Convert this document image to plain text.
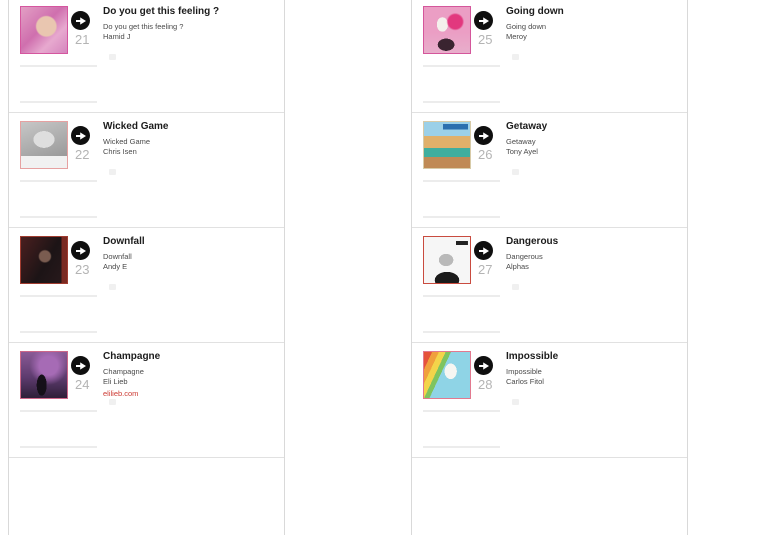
21
Do you get this feeling ?
Do you get this feeling ?
Hamid J
22
Wicked Game
Wicked Game
Chris Isen
23
Downfall
Downfall
Andy E
24
Champagne
Champagne
Eli Lieb
elilieb.com
25
Going down
Going down
Meroy
26
Getaway
Getaway
Tony Ayel
27
Dangerous
Dangerous
Alphas
28
Impossible
Impossible
Carlos Fitol
